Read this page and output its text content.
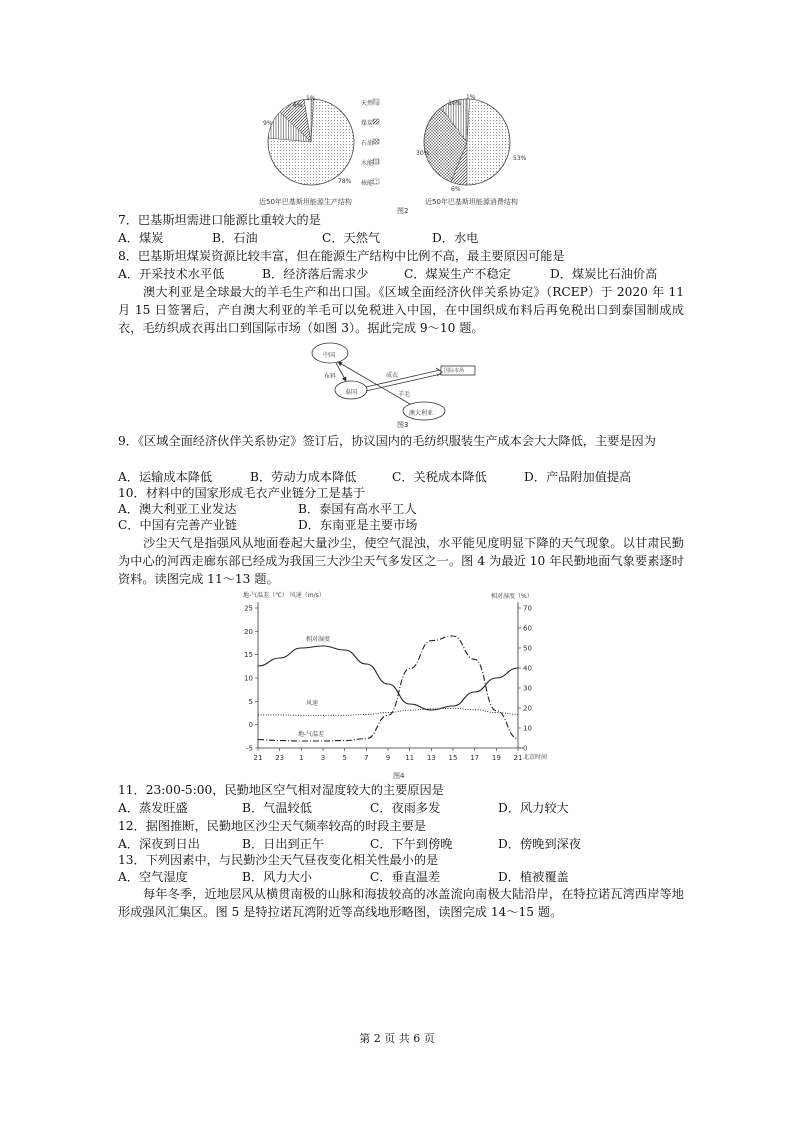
天然气
煤炭
石油
水能
核能
1%
6%
9%
78%
近50年巴基斯坦能源生产结构
10%
1%
30%
6%
53%
近50年巴基斯坦能源消费结构
图2
7．巴基斯坦需进口能源比重较大的是
A．煤炭	B．石油	C．天然气	D．水电
8．巴基斯坦煤炭资源比较丰富，但在能源生产结构中比例不高，最主要原因可能是
A．开采技术水平低	B．经济落后需求少	C．煤炭生产不稳定	D．煤炭比石油价高
澳大利亚是全球最大的羊毛生产和出口国。《区域全面经济伙伴关系协定》（RCEP）于 2020 年 11 月 15 日签署后，产自澳大利亚的羊毛可以免税进入中国，在中国织成布料后再免税出口到泰国制成成衣，毛纺织成衣再出口到国际市场（如图 3）。据此完成 9～10 题。
中国
泰国
澳大利亚
国际市场
布料	成衣
羊毛
图3
9．《区域全面经济伙伴关系协定》签订后，协议国内的毛纺织服装生产成本会大大降低，主要是因为
A．运输成本降低	B．劳动力成本降低	C．关税成本降低	D．产品附加值提高
10．材料中的国家形成毛衣产业链分工是基于
A．澳大利亚工业发达	B．泰国有高水平工人
C．中国有完善产业链	D．东南亚是主要市场
沙尘天气是指强风从地面卷起大量沙尘，使空气混浊，水平能见度明显下降的天气现象。以甘肃民勤为中心的河西走廊东部已经成为我国三大沙尘天气多发区之一。图 4 为最近 10 年民勤地面气象要素逐时资料。读图完成 11～13 题。
-5
0
5
10
15
20
25
0
10
20
30
40
50
60
70
21 23 1 3 5 7 9 11 13 15 17 19 21
地-气温差（℃） 风速（m/s）	相对湿度（%）
北京时间
相对湿度
风速
地-气温差
图4
11．23:00-5:00，民勤地区空气相对湿度较大的主要原因是
A．蒸发旺盛	B．气温较低	C．夜雨多发	D．风力较大
12．据图推断，民勤地区沙尘天气频率较高的时段主要是
A．深夜到日出	B．日出到正午	C．下午到傍晚	D．傍晚到深夜
13．下列因素中，与民勤沙尘天气昼夜变化相关性最小的是
A．空气湿度	B．风力大小	C．垂直温差	D．植被覆盖
每年冬季，近地层风从横贯南极的山脉和海拔较高的冰盖流向南极大陆沿岸，在特拉诺瓦湾西岸等地形成强风汇集区。图 5 是特拉诺瓦湾附近等高线地形略图，读图完成 14～15 题。
第 2 页 共 6 页
